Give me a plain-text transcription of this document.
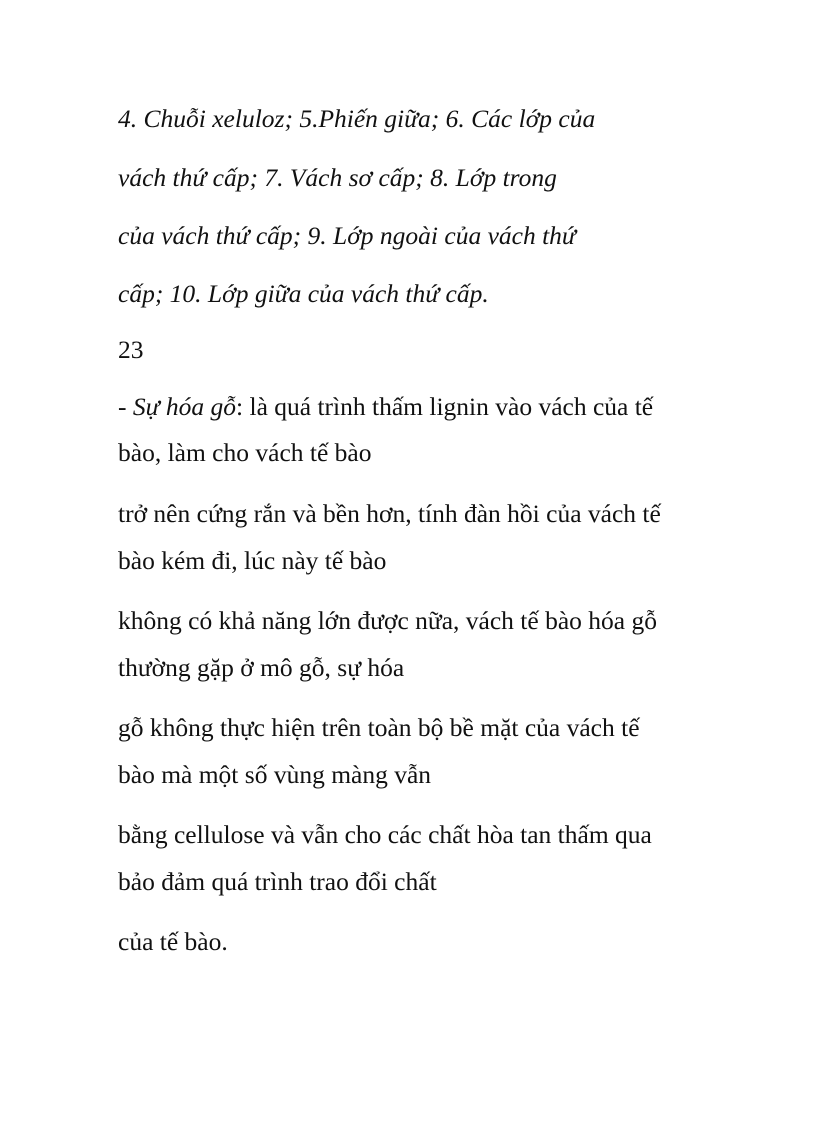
4. Chuỗi xeluloz; 5.Phiến giữa; 6. Các lớp của
vách thứ cấp; 7. Vách sơ cấp; 8. Lớp trong
của vách thứ cấp; 9. Lớp ngoài của vách thứ
cấp; 10. Lớp giữa của vách thứ cấp.
23
- Sự hóa gỗ: là quá trình thấm lignin vào vách của tế
bào, làm cho vách tế bào
trở nên cứng rắn và bền hơn, tính đàn hồi của vách tế
bào kém đi, lúc này tế bào
không có khả năng lớn được nữa, vách tế bào hóa gỗ
thường gặp ở mô gỗ, sự hóa
gỗ không thực hiện trên toàn bộ bề mặt của vách tế
bào mà một số vùng màng vẫn
bằng cellulose và vẫn cho các chất hòa tan thấm qua
bảo đảm quá trình trao đổi chất
của tế bào.
